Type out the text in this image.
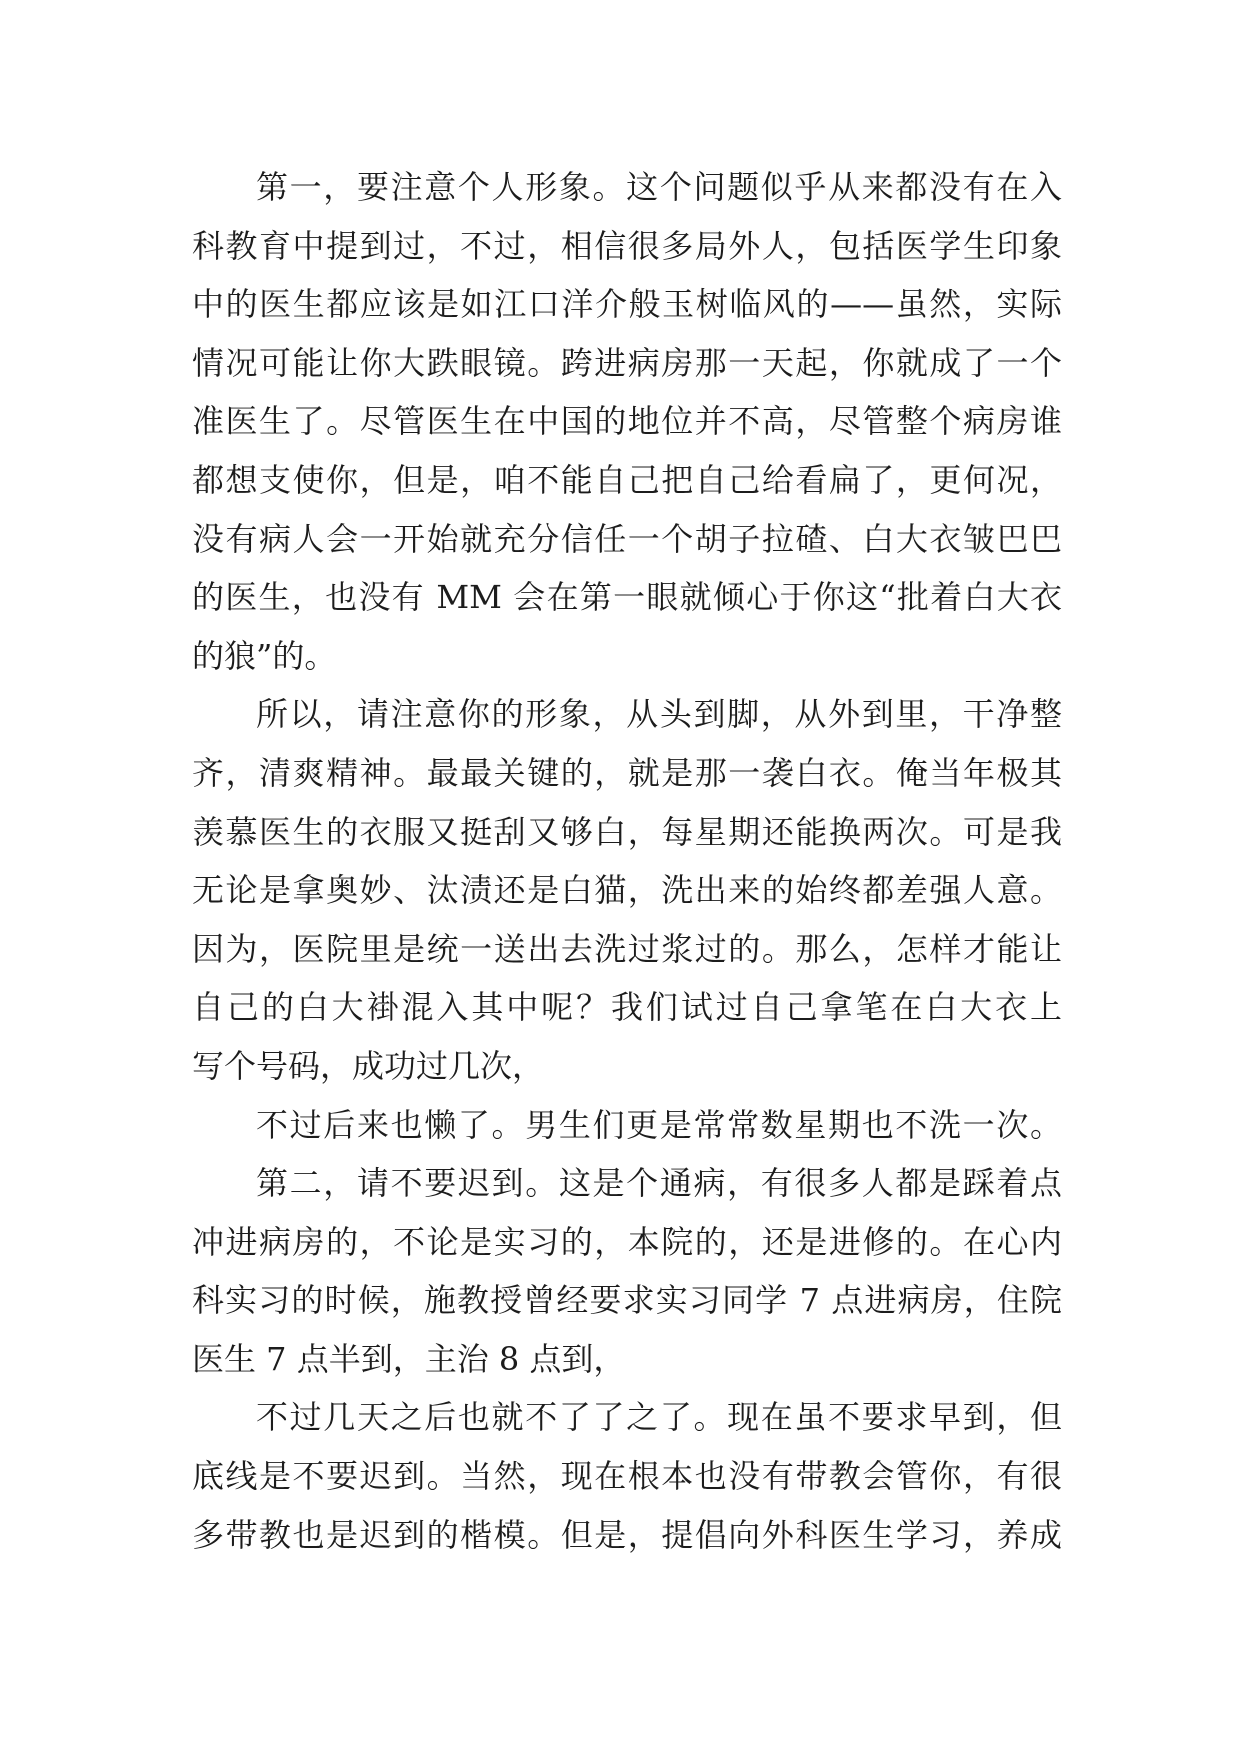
第一，要注意个人形象。这个问题似乎从来都没有在入
科教育中提到过，不过，相信很多局外人，包括医学生印象
中的医生都应该是如江口洋介般玉树临风的——虽然，实际
情况可能让你大跌眼镜。跨进病房那一天起，你就成了一个
准医生了。尽管医生在中国的地位并不高，尽管整个病房谁
都想支使你，但是，咱不能自己把自己给看扁了，更何况，
没有病人会一开始就充分信任一个胡子拉碴、白大衣皱巴巴
的医生，也没有 MM 会在第一眼就倾心于你这“批着白大衣
的狼”的。
所以，请注意你的形象，从头到脚，从外到里，干净整
齐，清爽精神。最最关键的，就是那一袭白衣。俺当年极其
羡慕医生的衣服又挺刮又够白，每星期还能换两次。可是我
无论是拿奥妙、汰渍还是白猫，洗出来的始终都差强人意。
因为，医院里是统一送出去洗过浆过的。那么，怎样才能让
自己的白大褂混入其中呢？我们试过自己拿笔在白大衣上
写个号码，成功过几次，
不过后来也懒了。男生们更是常常数星期也不洗一次。
第二，请不要迟到。这是个通病，有很多人都是踩着点
冲进病房的，不论是实习的，本院的，还是进修的。在心内
科实习的时候，施教授曾经要求实习同学 7 点进病房，住院
医生 7 点半到，主治 8 点到，
不过几天之后也就不了了之了。现在虽不要求早到，但
底线是不要迟到。当然，现在根本也没有带教会管你，有很
多带教也是迟到的楷模。但是，提倡向外科医生学习，养成
